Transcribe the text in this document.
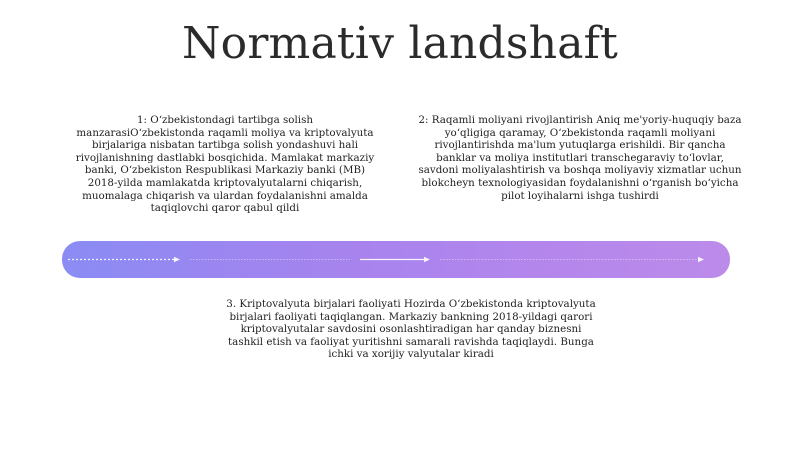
Normativ landshaft
1: O‘zbekistondagi tartibga solish manzarasiO‘zbekistonda raqamli moliya va kriptovalyuta birjalariga nisbatan tartibga solish yondashuvi hali rivojlanishning dastlabki bosqichida. Mamlakat markaziy banki, O‘zbekiston Respublikasi Markaziy banki (MB) 2018-yilda mamlakatda kriptovalyutalarni chiqarish, muomalaga chiqarish va ulardan foydalanishni amalda taqiqlovchi qaror qabul qildi
2: Raqamli moliyani rivojlantirish Aniq me'yoriy-huquqiy baza yo‘qligiga qaramay, O‘zbekistonda raqamli moliyani rivojlantirishda ma'lum yutuqlarga erishildi. Bir qancha banklar va moliya institutlari transchegaraviy to‘lovlar, savdoni moliyalashtirish va boshqa moliyaviy xizmatlar uchun blokcheyn texnologiyasidan foydalanishni o‘rganish bo‘yicha pilot loyihalarni ishga tushirdi
3. Kriptovalyuta birjalari faoliyati Hozirda O‘zbekistonda kriptovalyuta birjalari faoliyati taqiqlangan. Markaziy bankning 2018-yildagi qarori kriptovalyutalar savdosini osonlashtiradigan har qanday biznesni tashkil etish va faoliyat yuritishni samarali ravishda taqiqlaydi. Bunga ichki va xorijiy valyutalar kiradi
